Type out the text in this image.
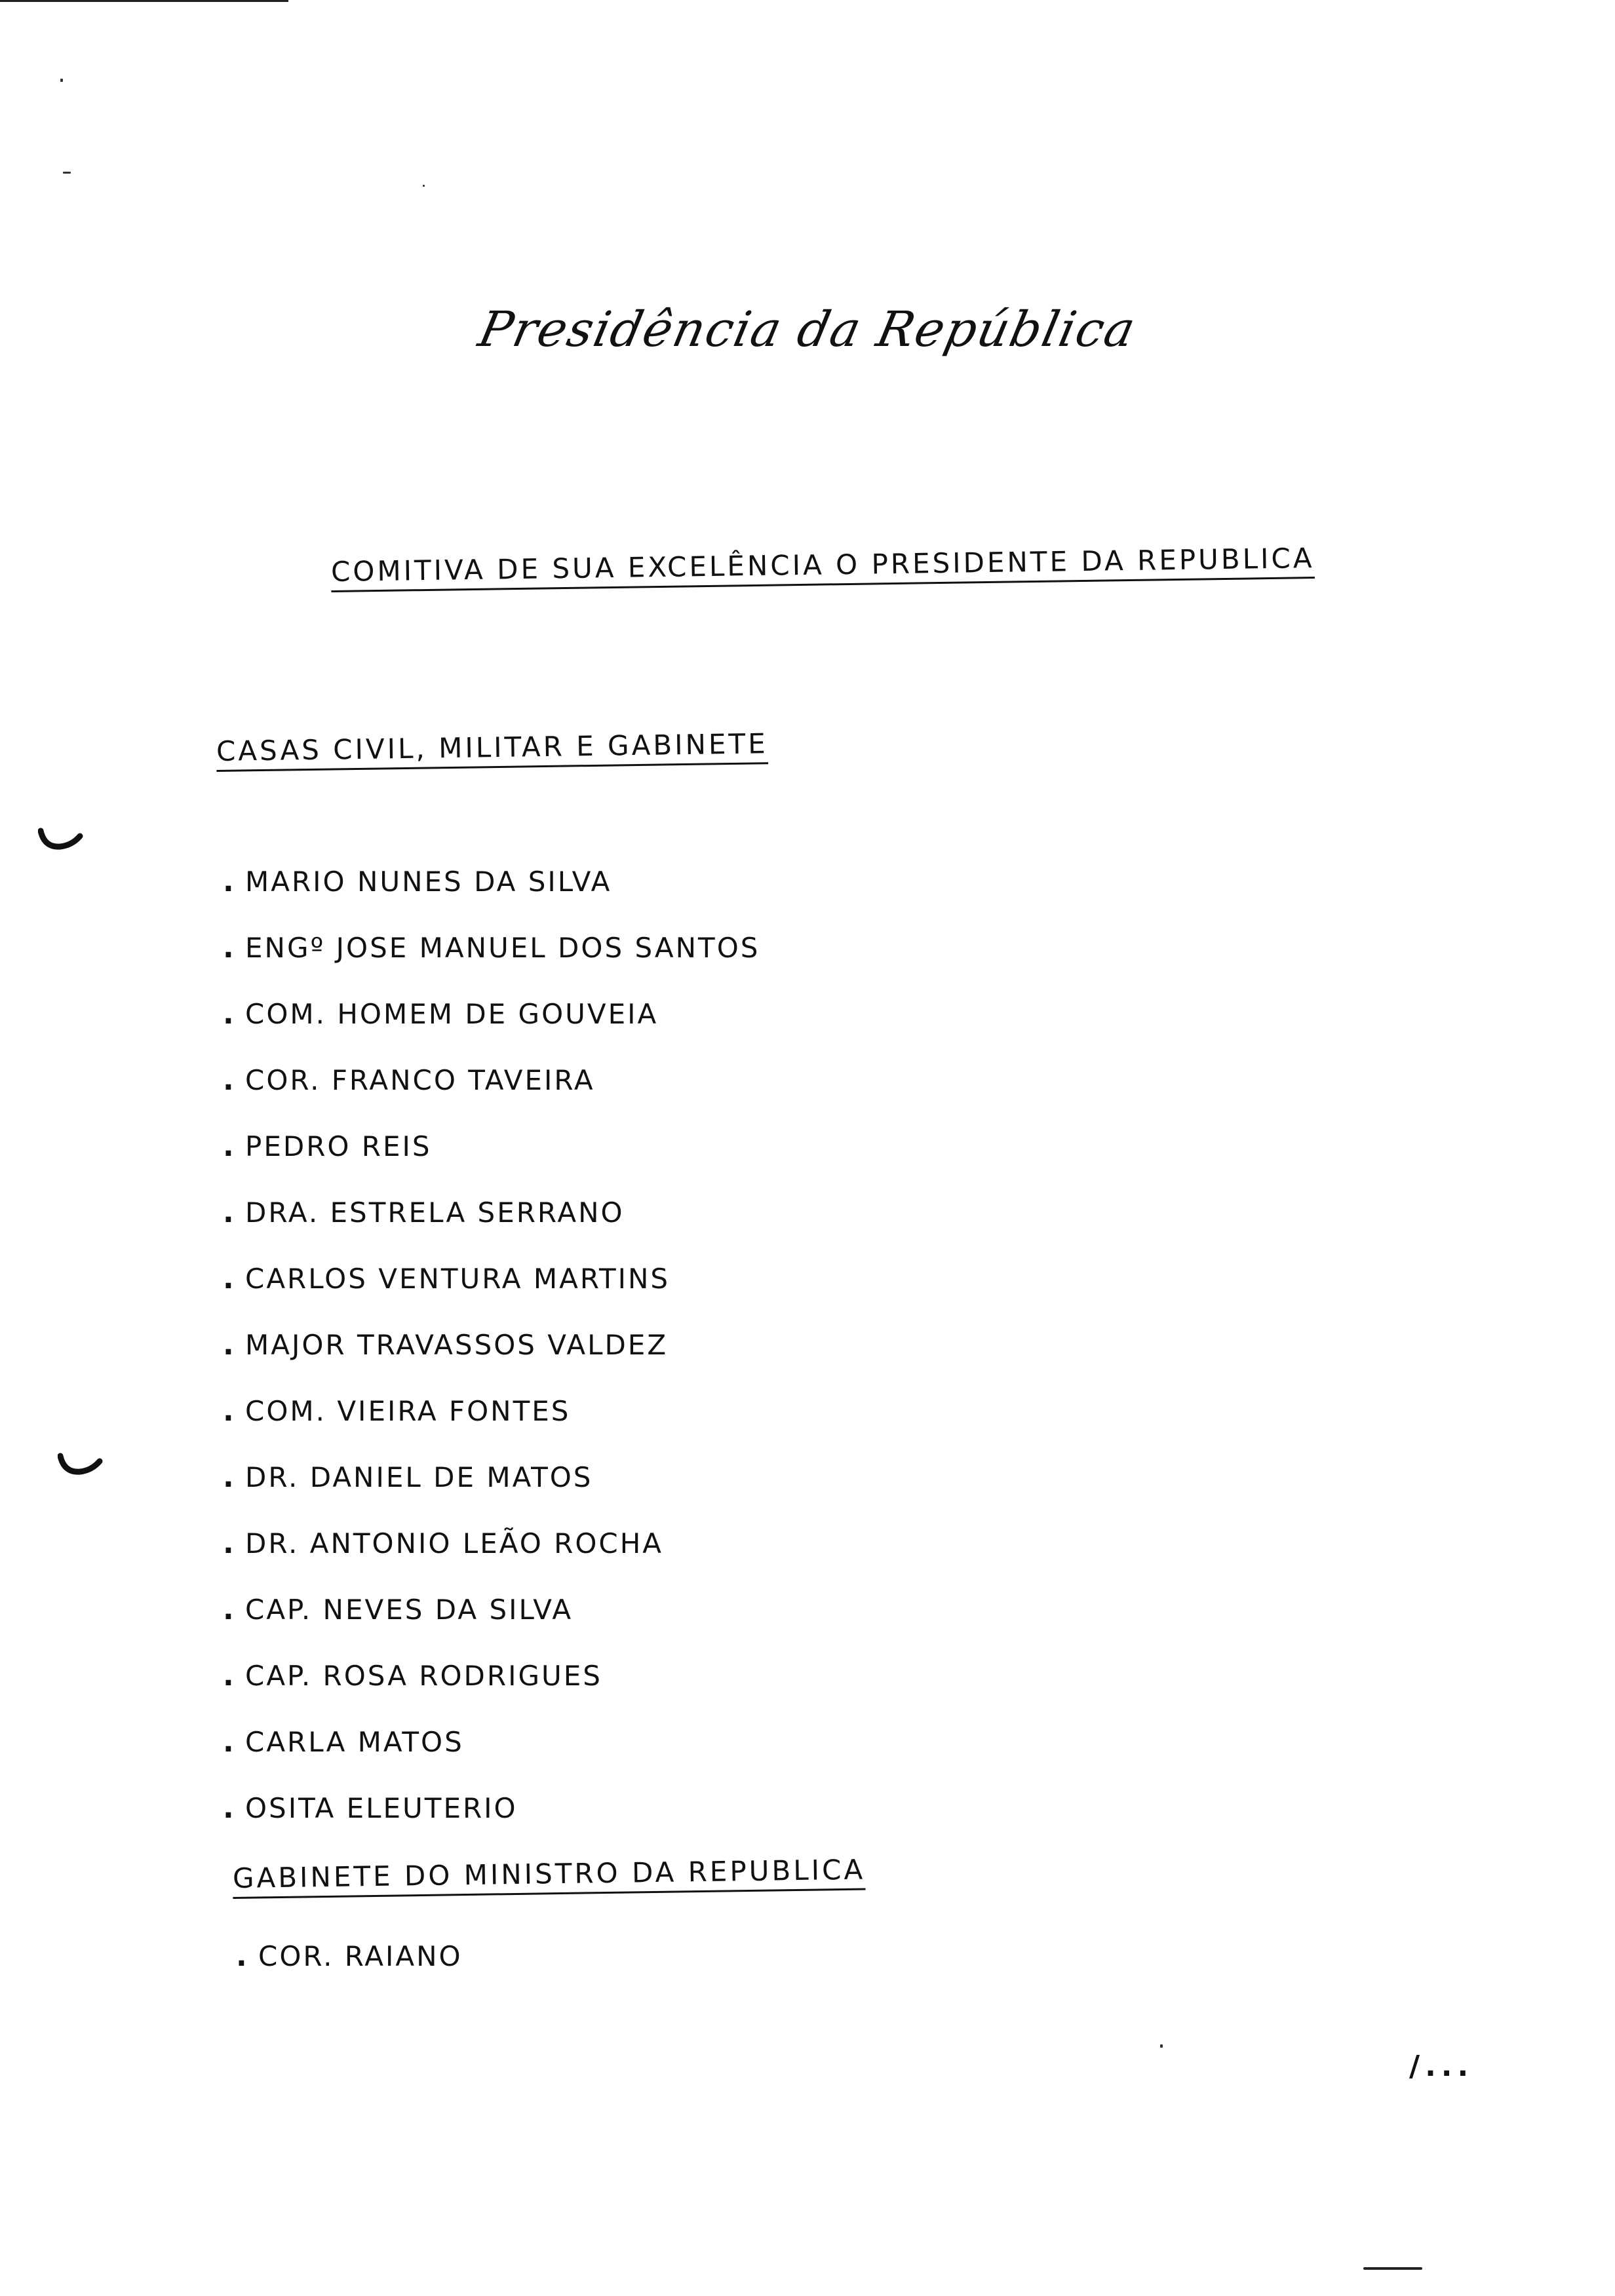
Presidência da República
COMITIVA DE SUA EXCELÊNCIA O PRESIDENTE DA REPUBLICA
CASAS CIVIL, MILITAR E GABINETE
. MARIO NUNES DA SILVA
. ENGº JOSE MANUEL DOS SANTOS
. COM. HOMEM DE GOUVEIA
. COR. FRANCO TAVEIRA
. PEDRO REIS
. DRA. ESTRELA SERRANO
. CARLOS VENTURA MARTINS
. MAJOR TRAVASSOS VALDEZ
. COM. VIEIRA FONTES
. DR. DANIEL DE MATOS
. DR. ANTONIO LEÃO ROCHA
. CAP. NEVES DA SILVA
. CAP. ROSA RODRIGUES
. CARLA MATOS
. OSITA ELEUTERIO
GABINETE DO MINISTRO DA REPUBLICA
. COR. RAIANO
/...
